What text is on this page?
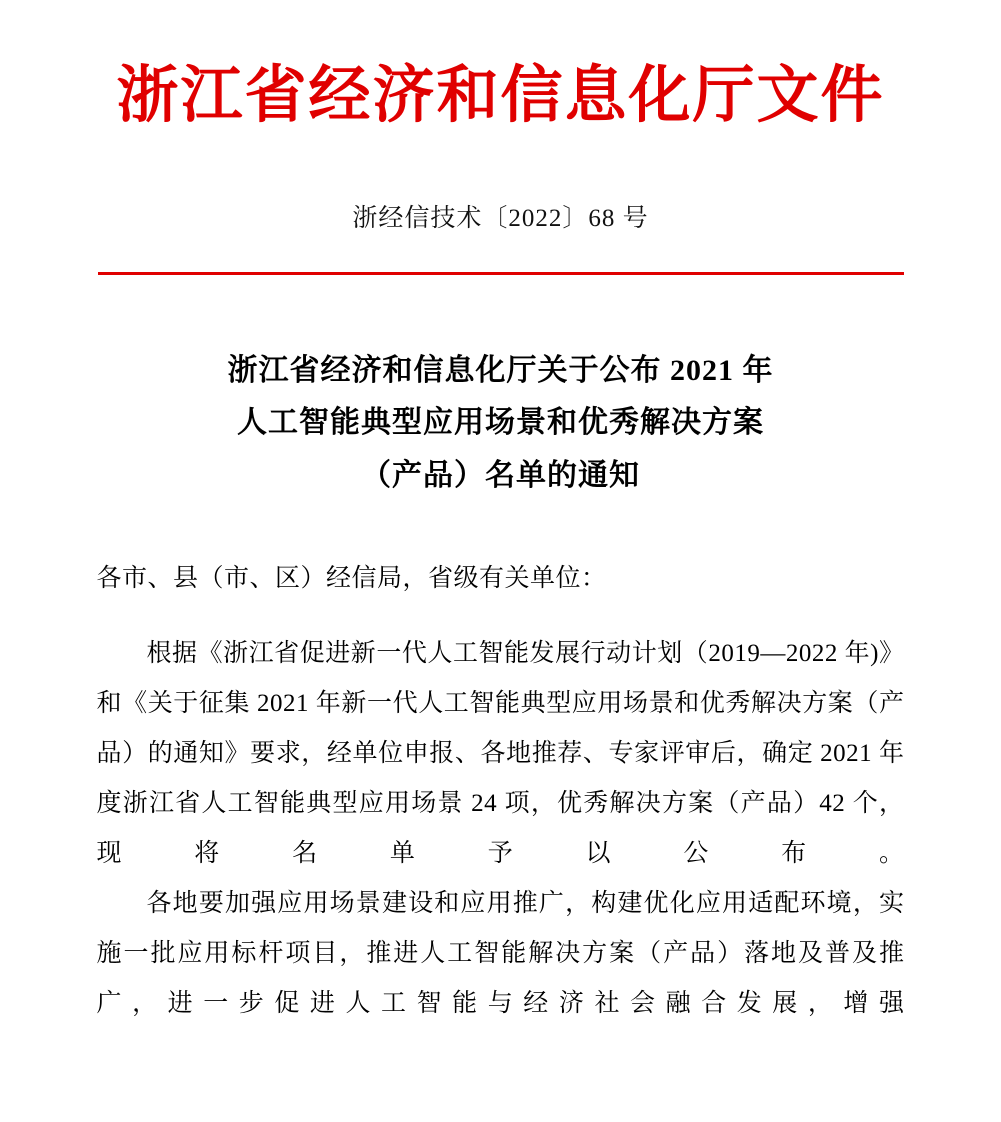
浙江省经济和信息化厅文件
浙经信技术〔2022〕68 号
浙江省经济和信息化厅关于公布 2021 年
人工智能典型应用场景和优秀解决方案
（产品）名单的通知

各市、县（市、区）经信局，省级有关单位：

根据《浙江省促进新一代人工智能发展行动计划（2019—2022 年)》和《关于征集 2021 年新一代人工智能典型应用场景和优秀解决方案（产品）的通知》要求，经单位申报、各地推荐、专家评审后，确定 2021 年度浙江省人工智能典型应用场景 24 项，优秀解决方案（产品）42 个，现将名单予以公布。

各地要加强应用场景建设和应用推广，构建优化应用适配环境，实施一批应用标杆项目，推进人工智能解决方案（产品）落地及普及推广，进一步促进人工智能与经济社会融合发展，增强
